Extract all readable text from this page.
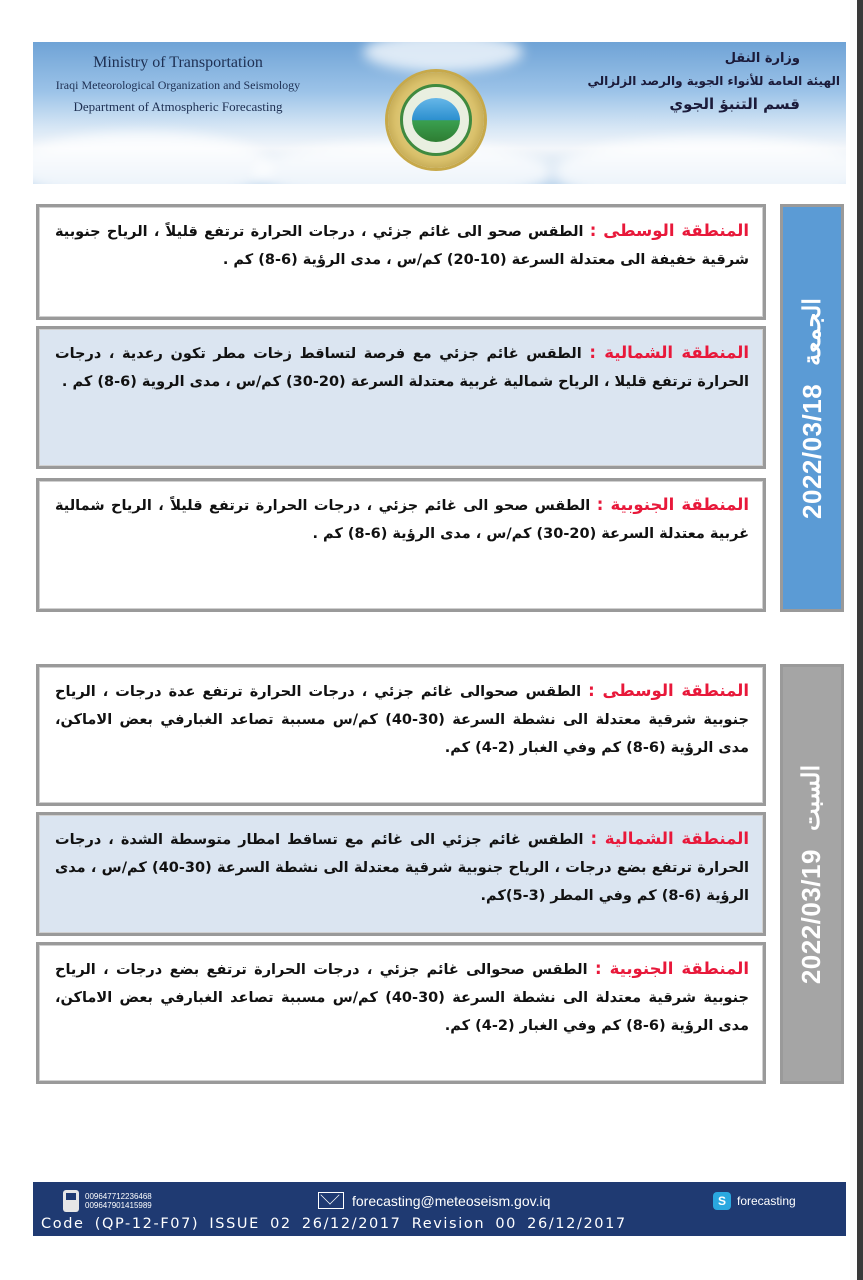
Ministry of Transportation
Iraqi Meteorological Organization and Seismology
Department of Atmospheric Forecasting
وزارة النقل
الهيئة العامة للأنواء الجوية والرصد الزلزالي
قسم التنبؤ الجوي
المنطقة الوسطى : الطقس صحو الى غائم جزئي ، درجات الحرارة ترتفع قليلاً ، الرياح جنوبية شرقية خفيفة الى معتدلة السرعة (10-20) كم/س ، مدى الرؤية (6-8) كم .
المنطقة الشمالية : الطقس غائم جزئي مع فرصة لتساقط زخات مطر تكون رعدية ، درجات الحرارة ترتفع قليلا ، الرياح شمالية غربية معتدلة السرعة (20-30) كم/س ، مدى الروية (6-8) كم .
المنطقة الجنوبية : الطقس صحو الى غائم جزئي ، درجات الحرارة ترتفع قليلاً ، الرياح شمالية غربية معتدلة السرعة (20-30) كم/س ، مدى الرؤية (6-8) كم .
2022/03/18
الجمعة
المنطقة الوسطى : الطقس صحوالى غائم جزئي ، درجات الحرارة ترتفع عدة درجات ، الرياح جنوبية شرقية معتدلة الى نشطة السرعة (30-40) كم/س مسببة تصاعد الغبارفي بعض الاماكن، مدى الرؤية (6-8) كم وفي الغبار (2-4) كم.
المنطقة الشمالية : الطقس غائم جزئي الى غائم مع تساقط امطار متوسطة الشدة ، درجات الحرارة ترتفع بضع درجات ، الرياح جنوبية شرقية معتدلة الى نشطة السرعة (30-40) كم/س ، مدى الرؤية (6-8) كم وفي المطر (3-5)كم.
المنطقة الجنوبية : الطقس صحوالى غائم جزئي ، درجات الحرارة ترتفع بضع درجات ، الرياح جنوبية شرقية معتدلة الى نشطة السرعة (30-40) كم/س مسببة تصاعد الغبارفي بعض الاماكن، مدى الرؤية (6-8) كم وفي الغبار (2-4) كم.
2022/03/19
السبت
009647712236468
009647901415989	forecasting@meteoseism.gov.iq	S forecasting
Code (QP-12-F07) ISSUE 02 26/12/2017 Revision 00 26/12/2017
